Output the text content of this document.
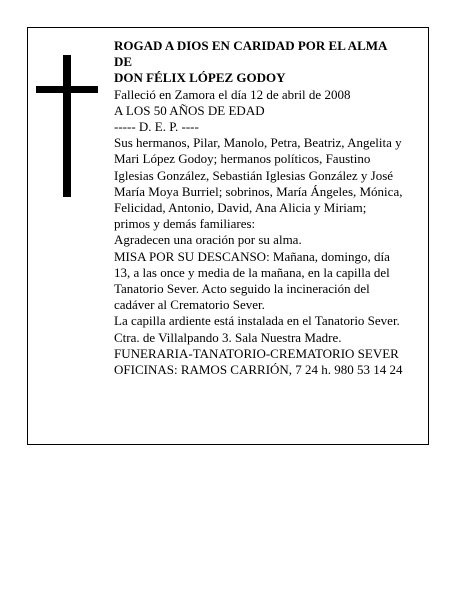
ROGAD A DIOS EN CARIDAD POR EL ALMA
DE
DON FÉLIX LÓPEZ GODOY
Falleció en Zamora el día 12 de abril de 2008
A LOS 50 AÑOS DE EDAD
----- D. E. P. ----
Sus hermanos, Pilar, Manolo, Petra, Beatriz, Angelita y
Mari López Godoy; hermanos políticos, Faustino
Iglesias González, Sebastián Iglesias González y José
María Moya Burriel; sobrinos, María Ángeles, Mónica,
Felicidad, Antonio, David, Ana Alicia y Miriam;
primos y demás familiares:
Agradecen una oración por su alma.
MISA POR SU DESCANSO: Mañana, domingo, día
13, a las once y media de la mañana, en la capilla del
Tanatorio Sever. Acto seguido la incineración del
cadáver al Crematorio Sever.
La capilla ardiente está instalada en el Tanatorio Sever.
Ctra. de Villalpando 3. Sala Nuestra Madre.
FUNERARIA-TANATORIO-CREMATORIO SEVER
OFICINAS: RAMOS CARRIÓN, 7 24 h. 980 53 14 24
